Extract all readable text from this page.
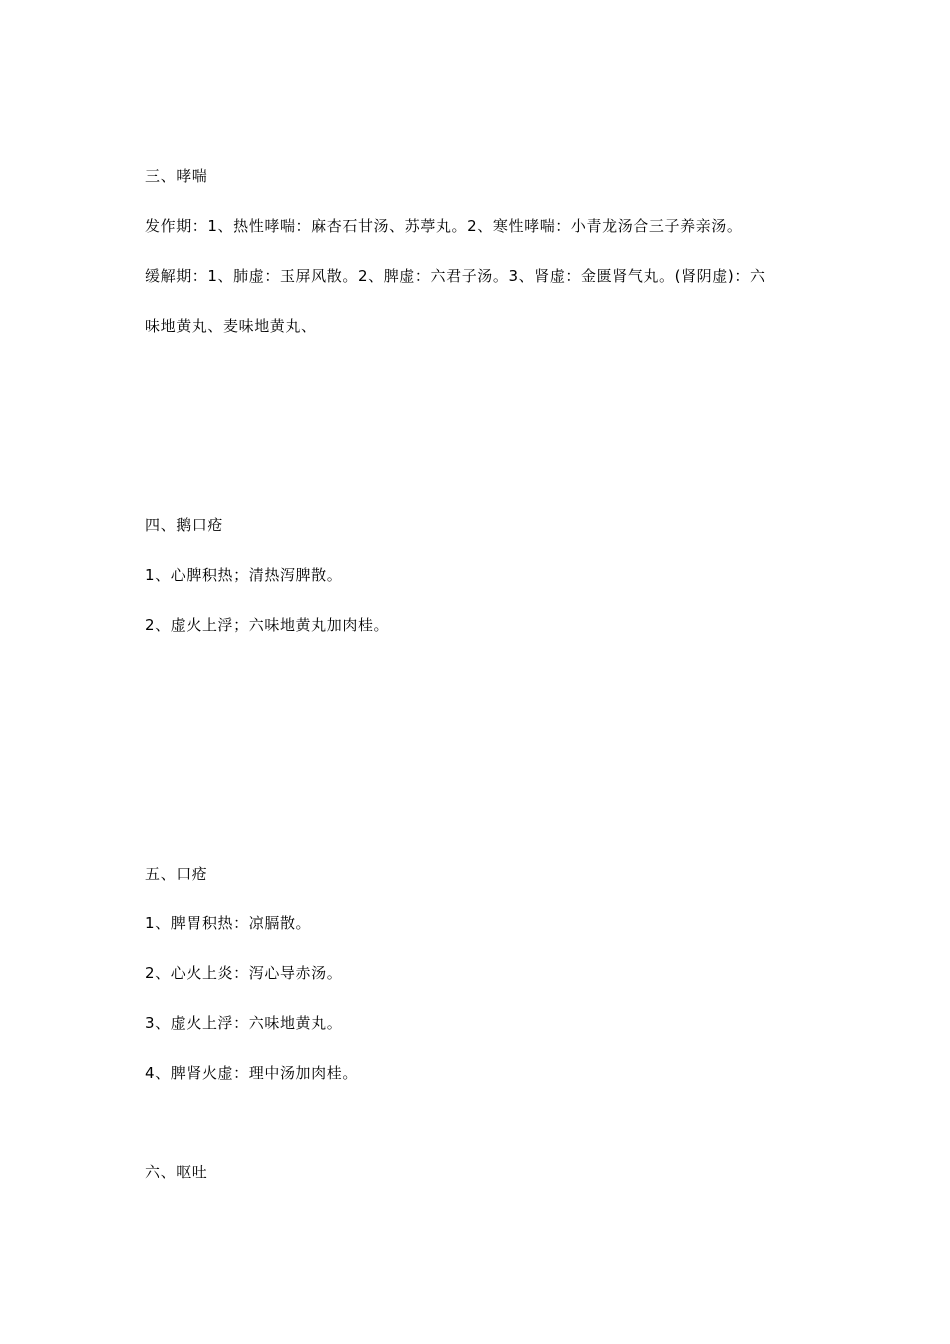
三、哮喘
发作期：1、热性哮喘：麻杏石甘汤、苏葶丸。2、寒性哮喘：小青龙汤合三子养亲汤。
缓解期：1、肺虚：玉屏风散。2、脾虚：六君子汤。3、肾虚：金匮肾气丸。(肾阴虚)：六
味地黄丸、麦味地黄丸、
四、鹅口疮
1、心脾积热；清热泻脾散。
2、虚火上浮；六味地黄丸加肉桂。
五、口疮
1、脾胃积热：凉膈散。
2、心火上炎：泻心导赤汤。
3、虚火上浮：六味地黄丸。
4、脾肾火虚：理中汤加肉桂。
六、呕吐
